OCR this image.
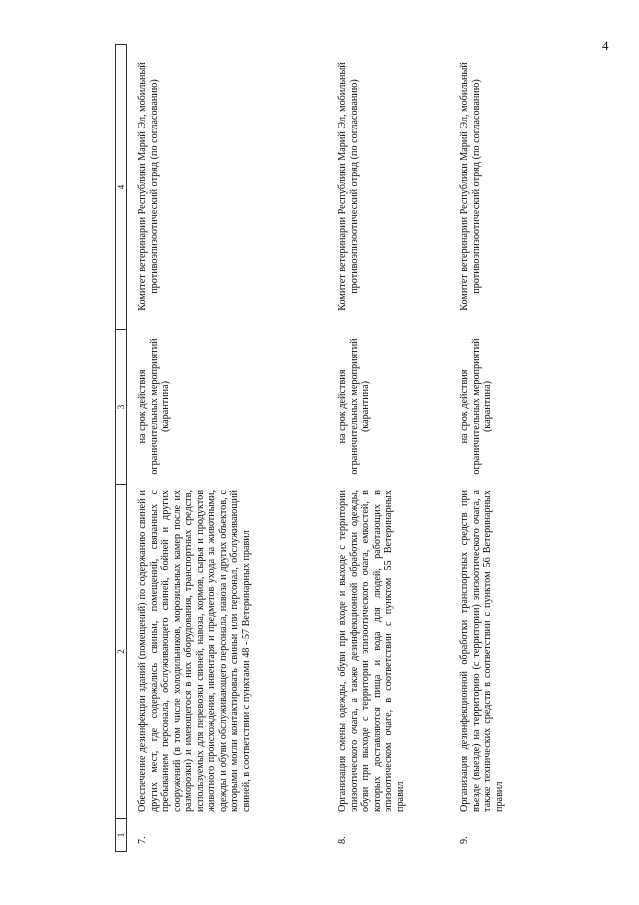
4
1
2
3
4
7.
Обеспечение дезинфекции зданий (помещений) по содержанию свиней и других мест, где содержались свиньи, помещений, связанных с пребыванием персонала, обслуживающего свиней, бойней и других сооружений (в том числе холодильников, морозильных камер после их разморозки) и имеющегося в них оборудования, транспортных средств, используемых для перевозки свиней, навоза, кормов, сырья и продуктов животного происхождения, инвентаря и предметов ухода за животными, одежды и обуви обслуживающего персонала, навоза и других объектов, с которыми могли контактировать свиньи или персонал, обслуживающий свиней, в соответствии с пунктами 48 - 57 Ветеринарных правил
на срок действия ограничительных мероприятий (карантина)
Комитет ветеринарии Республики Марий Эл, мобильный противоэпизоотический отряд (по согласованию)
8.
Организация смены одежды, обуви при входе и выходе с территории эпизоотического очага, а также дезинфекционной обработки одежды, обуви при выходе с территории эпизоотического очага, емкостей, в которых доставляются пища и вода для людей, работающих в эпизоотическом очаге, в соответствии с пунктом 55 Ветеринарных правил
на срок действия ограничительных мероприятий (карантина)
Комитет ветеринарии Республики Марий Эл, мобильный противоэпизоотический отряд (по согласованию)
9.
Организация дезинфекционной обработки транспортных средств при въезде (выезде) на территорию (с территории) эпизоотического очага, а также технических средств в соответствии с пунктом 56 Ветеринарных правил
на срок действия ограничительных мероприятий (карантина)
Комитет ветеринарии Республики Марий Эл, мобильный противоэпизоотический отряд (по согласованию)
